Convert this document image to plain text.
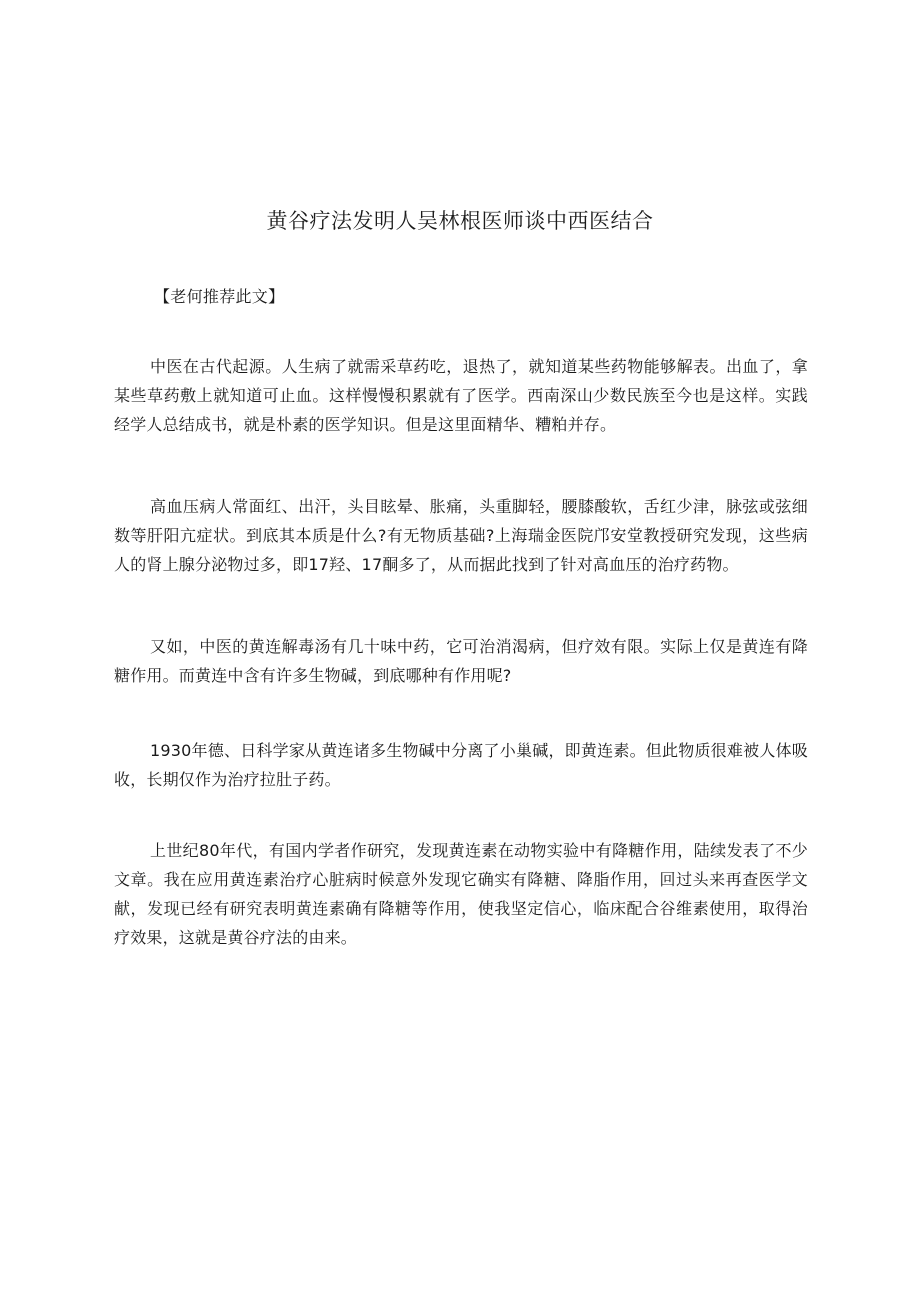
黄谷疗法发明人吴林根医师谈中西医结合
【老何推荐此文】

中医在古代起源。人生病了就需采草药吃，退热了，就知道某些药物能够解表。出血了，拿某些草药敷上就知道可止血。这样慢慢积累就有了医学。西南深山少数民族至今也是这样。实践经学人总结成书，就是朴素的医学知识。但是这里面精华、糟粕并存。

高血压病人常面红、出汗，头目眩晕、胀痛，头重脚轻，腰膝酸软，舌红少津，脉弦或弦细数等肝阳亢症状。到底其本质是什么?有无物质基础?上海瑞金医院邝安堂教授研究发现，这些病人的肾上腺分泌物过多，即17羟、17酮多了，从而据此找到了针对高血压的治疗药物。

又如，中医的黄连解毒汤有几十味中药，它可治消渴病，但疗效有限。实际上仅是黄连有降糖作用。而黄连中含有许多生物碱，到底哪种有作用呢?

1930年德、日科学家从黄连诸多生物碱中分离了小巢碱，即黄连素。但此物质很难被人体吸收，长期仅作为治疗拉肚子药。

上世纪80年代，有国内学者作研究，发现黄连素在动物实验中有降糖作用，陆续发表了不少文章。我在应用黄连素治疗心脏病时候意外发现它确实有降糖、降脂作用，回过头来再查医学文献，发现已经有研究表明黄连素确有降糖等作用，使我坚定信心，临床配合谷维素使用，取得治疗效果，这就是黄谷疗法的由来。
